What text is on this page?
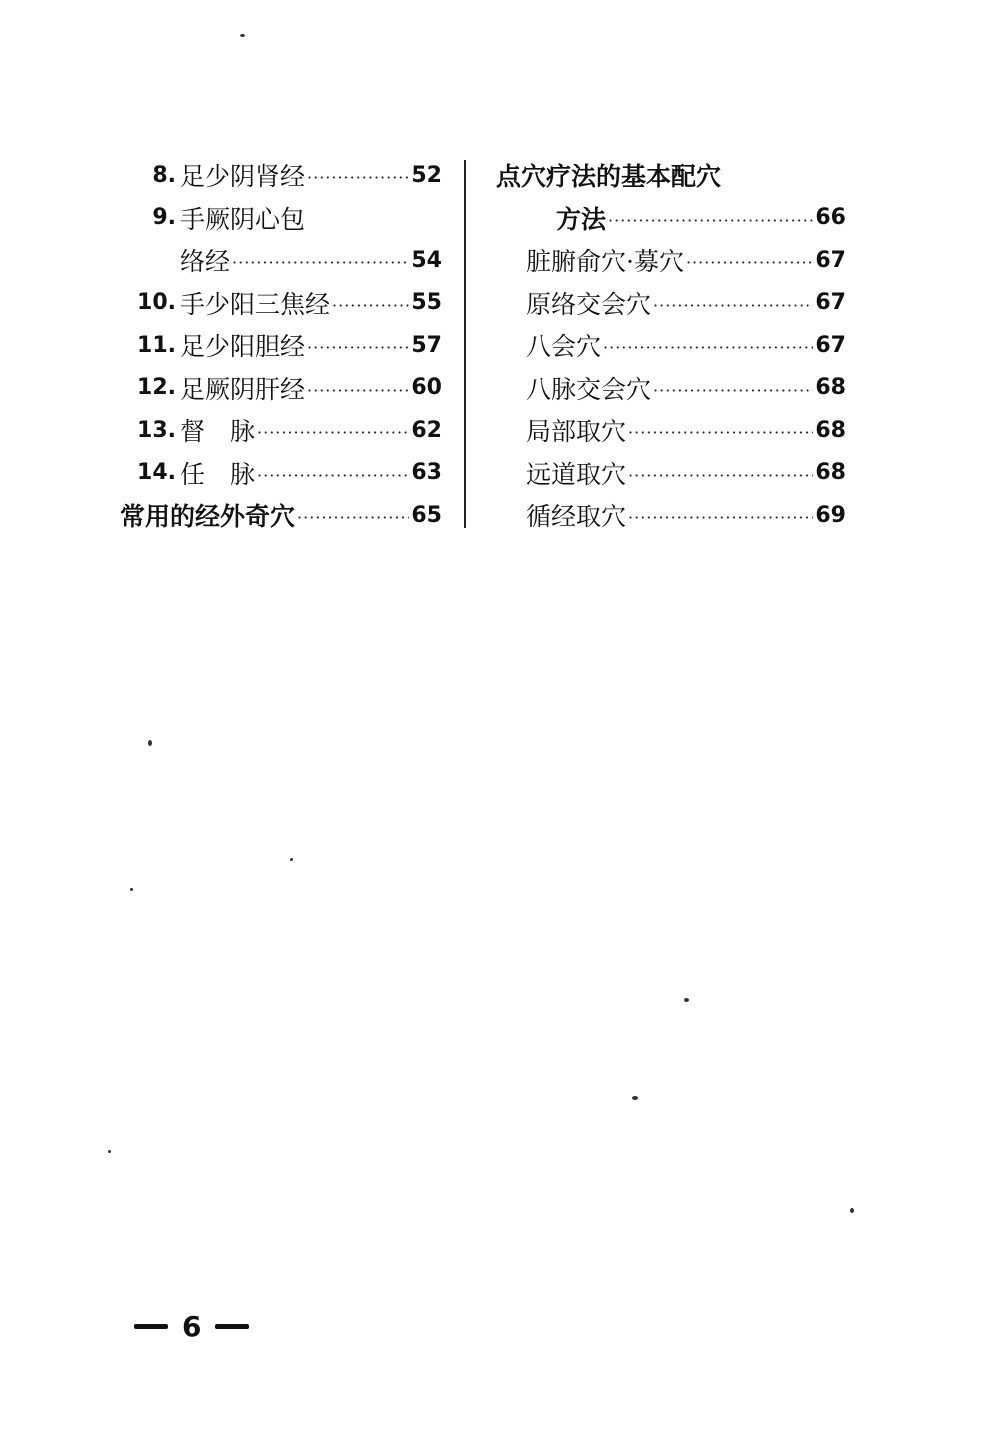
8. 足少阴肾经 ·····	52
9. 手厥阴心包
络经 ·····	54
10. 手少阳三焦经 ·····	55
11. 足少阳胆经 ·····	57
12. 足厥阴肝经 ·····	60
13. 督　脉 ·····	62
14. 任　脉 ·····	63
常用的经外奇穴 ·····	65
点穴疗法的基本配穴
方法 ·····	66
脏腑俞穴·募穴 ·····	67
原络交会穴 ·····	67
八会穴 ·····	67
八脉交会穴 ·····	68
局部取穴 ·····	68
远道取穴 ·····	68
循经取穴 ·····	69
6
